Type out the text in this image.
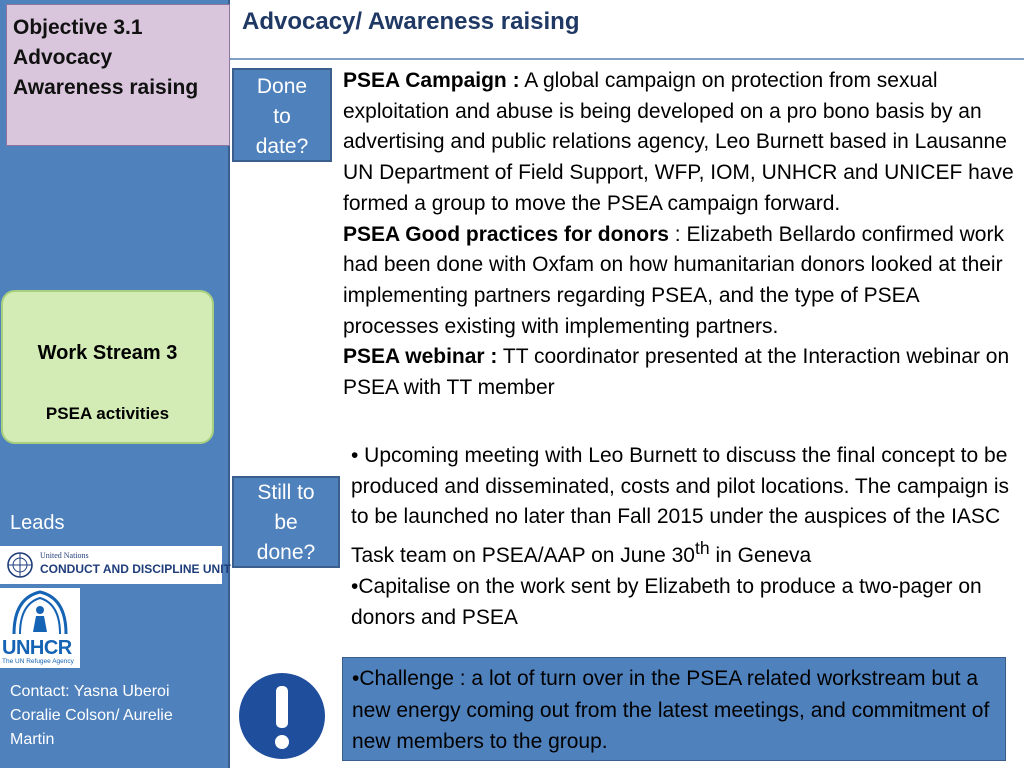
Objective 3.1
Advocacy
Awareness raising
Work Stream 3
PSEA activities
Leads
United Nations
CONDUCT AND DISCIPLINE UNIT
UNHCR
The UN Refugee Agency
Contact: Yasna Uberoi
Coralie Colson/ Aurelie
Martin
Advocacy/ Awareness raising
Done
to
date?

PSEA Campaign : A global campaign on protection from sexual exploitation and abuse is being developed on a pro bono basis by an advertising and public relations agency, Leo Burnett based in Lausanne UN Department of Field Support, WFP, IOM, UNHCR and UNICEF have formed a group to move the PSEA campaign forward.

PSEA Good practices for donors : Elizabeth Bellardo confirmed work had been done with Oxfam on how humanitarian donors looked at their implementing partners regarding PSEA, and the type of PSEA processes existing with implementing partners.

PSEA webinar : TT coordinator presented at the Interaction webinar on PSEA with TT member

Still to
be
done?

• Upcoming meeting with Leo Burnett to discuss the final concept to be produced and disseminated, costs and pilot locations. The campaign is to be launched no later than Fall 2015 under the auspices of the IASC Task team on PSEA/AAP on June 30th in Geneva

•Capitalise on the work sent by Elizabeth to produce a two-pager on donors and PSEA

•Challenge : a lot of turn over in the PSEA related workstream but a new energy coming out from the latest meetings, and commitment of new members to the group.
